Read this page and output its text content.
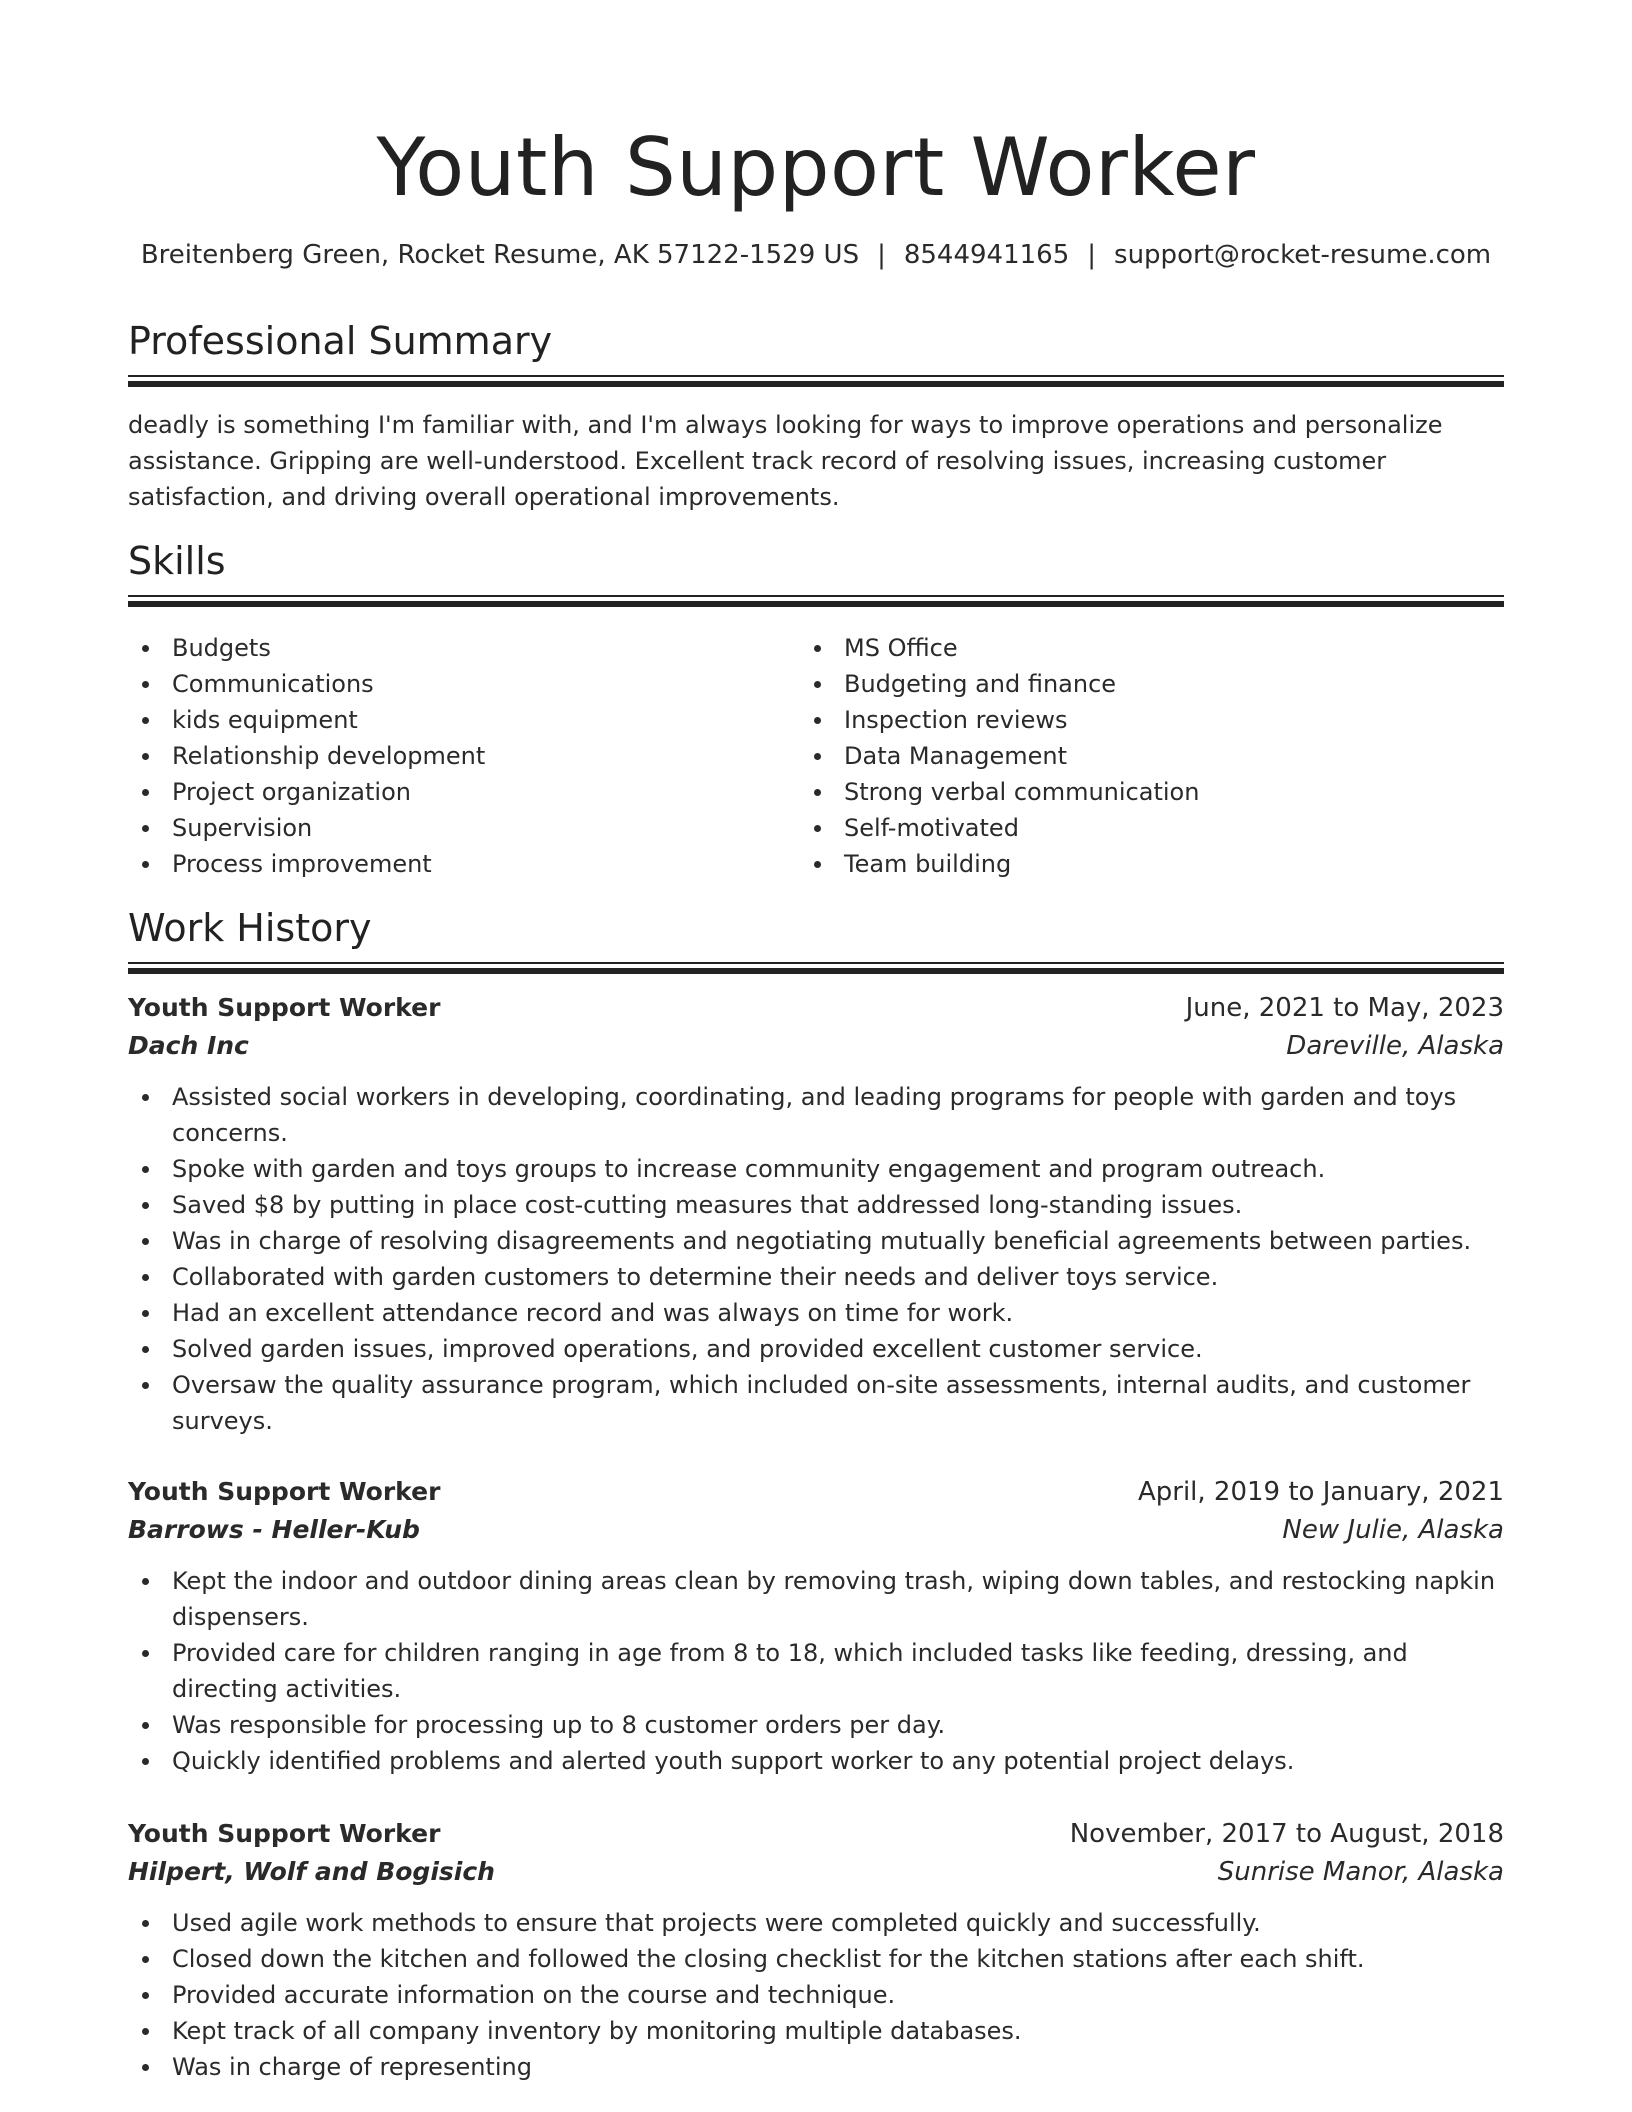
Youth Support Worker
Breitenberg Green, Rocket Resume, AK 57122-1529 US | 8544941165 | support@rocket-resume.com
Professional Summary
deadly is something I'm familiar with, and I'm always looking for ways to improve operations and personalize assistance. Gripping are well-understood. Excellent track record of resolving issues, increasing customer satisfaction, and driving overall operational improvements.
Skills
Budgets
Communications
kids equipment
Relationship development
Project organization
Supervision
Process improvement
MS Office
Budgeting and finance
Inspection reviews
Data Management
Strong verbal communication
Self-motivated
Team building
Work History
Youth Support Worker	June, 2021 to May, 2023
Dach Inc	Dareville, Alaska
Assisted social workers in developing, coordinating, and leading programs for people with garden and toys concerns.
Spoke with garden and toys groups to increase community engagement and program outreach.
Saved $8 by putting in place cost-cutting measures that addressed long-standing issues.
Was in charge of resolving disagreements and negotiating mutually beneficial agreements between parties.
Collaborated with garden customers to determine their needs and deliver toys service.
Had an excellent attendance record and was always on time for work.
Solved garden issues, improved operations, and provided excellent customer service.
Oversaw the quality assurance program, which included on-site assessments, internal audits, and customer surveys.
Youth Support Worker	April, 2019 to January, 2021
Barrows - Heller-Kub	New Julie, Alaska
Kept the indoor and outdoor dining areas clean by removing trash, wiping down tables, and restocking napkin dispensers.
Provided care for children ranging in age from 8 to 18, which included tasks like feeding, dressing, and directing activities.
Was responsible for processing up to 8 customer orders per day.
Quickly identified problems and alerted youth support worker to any potential project delays.
Youth Support Worker	November, 2017 to August, 2018
Hilpert, Wolf and Bogisich	Sunrise Manor, Alaska
Used agile work methods to ensure that projects were completed quickly and successfully.
Closed down the kitchen and followed the closing checklist for the kitchen stations after each shift.
Provided accurate information on the course and technique.
Kept track of all company inventory by monitoring multiple databases.
Was in charge of representing
